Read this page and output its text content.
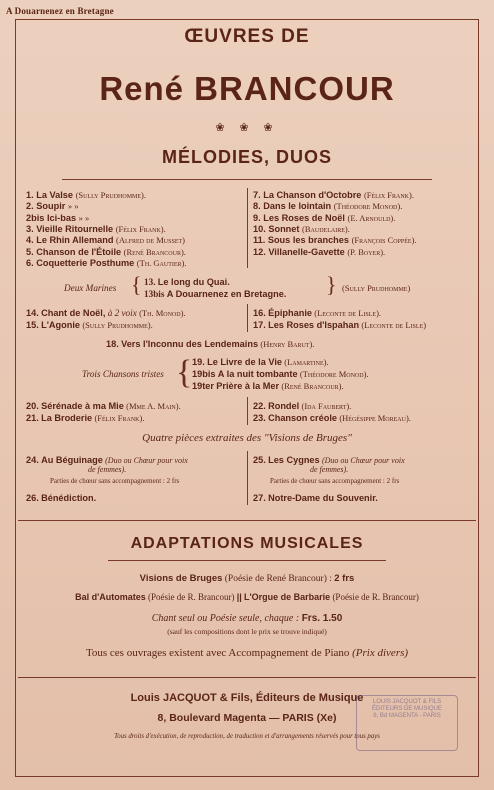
A Douarnenez en Bretagne
ŒUVRES DE
René BRANCOUR
❀ ❀ ❀
MÉLODIES, DUOS
1. La Valse (Sully Prudhomme).
2. Soupir » »
2bis Ici-bas » »
3. Vieille Ritournelle (Félix Frank).
4. Le Rhin Allemand (Alfred de Musset)
5. Chanson de l'Étoile (René Brancour).
6. Coquetterie Posthume (Th. Gautier).
7. La Chanson d'Octobre (Félix Frank).
8. Dans le lointain (Théodore Monod).
9. Les Roses de Noël (E. Arnould).
10. Sonnet (Baudelaire).
11. Sous les branches (François Coppée).
12. Villanelle-Gavette (P. Boyer).
Deux Marines { 13. Le long du Quai.
13bis A Douarnenez en Bretagne. } (Sully Prudhomme)
14. Chant de Noël, à 2 voix (Th. Monod).
15. L'Agonie (Sully Prudhomme).
16. Épiphanie (Leconte de Lisle).
17. Les Roses d'Ispahan (Leconte de Lisle)
18. Vers l'Inconnu des Lendemains (Henry Barut).
Trois Chansons tristes { 19. Le Livre de la Vie (Lamartine).
19bis A la nuit tombante (Théodore Monod).
19ter Prière à la Mer (René Brancour).
20. Sérénade à ma Mie (Mme A. Main).
21. La Broderie (Félix Frank).
22. Rondel (Ida Faubert).
23. Chanson créole (Hégésippe Moreau).
Quatre pièces extraites des "Visions de Bruges"
24. Au Béguinage (Duo ou Chœur pour voix
de femmes).
Parties de chœur sans accompagnement : 2 frs
25. Les Cygnes (Duo ou Chœur pour voix
de femmes).
Parties de chœur sans accompagnement : 2 frs
26. Bénédiction.	27. Notre-Dame du Souvenir.
ADAPTATIONS MUSICALES
Visions de Bruges (Poésie de René Brancour) : 2 frs
Bal d'Automates (Poésie de R. Brancour) || L'Orgue de Barbarie (Poésie de R. Brancour)
Chant seul ou Poésie seule, chaque : Frs. 1.50
(sauf les compositions dont le prix se trouve indiqué)
Tous ces ouvrages existent avec Accompagnement de Piano (Prix divers)
Louis JACQUOT & Fils, Éditeurs de Musique
8, Boulevard Magenta — PARIS (Xe)
Tous droits d'exécution, de reproduction, de traduction et d'arrangements réservés pour tous pays
LOUIS JACQUOT & FILS
ÉDITEURS DE MUSIQUE
8, Bd MAGENTA - PARIS
